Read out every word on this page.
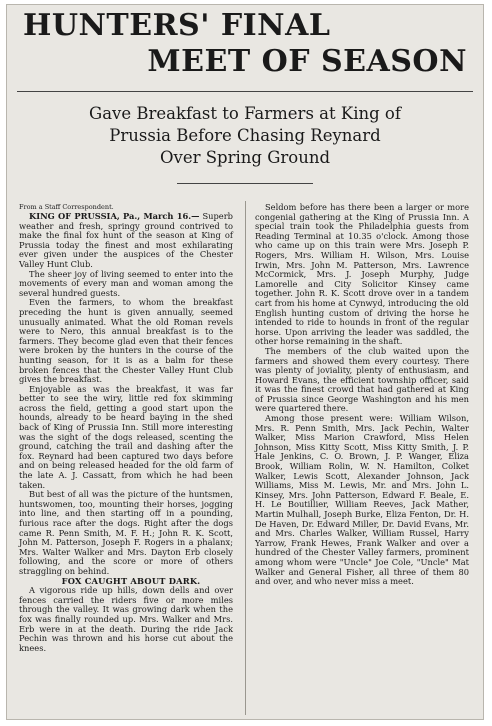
HUNTERS' FINAL
MEET OF SEASON
Gave Breakfast to Farmers at King of
Prussia Before Chasing Reynard
Over Spring Ground
From a Staff Correspondent.

KING OF PRUSSIA, Pa., March 16.— Superb weather and fresh, springy ground contrived to make the final fox hunt of the season at King of Prussia today the finest and most exhilarating ever given under the auspices of the Chester Valley Hunt Club.

The sheer joy of living seemed to enter into the movements of every man and woman among the several hundred guests.

Even the farmers, to whom the breakfast preceding the hunt is given annually, seemed unusually animated. What the old Roman revels were to Nero, this annual breakfast is to the farmers. They become glad even that their fences were broken by the hunters in the course of the hunting season, for it is as a balm for these broken fences that the Chester Valley Hunt Club gives the breakfast.

Enjoyable as was the breakfast, it was far better to see the wiry, little red fox skimming across the field, getting a good start upon the hounds, already to be heard baying in the shed back of King of Prussia Inn. Still more interesting was the sight of the dogs released, scenting the ground, catching the trail and dashing after the fox. Reynard had been captured two days before and on being released headed for the old farm of the late A. J. Cassatt, from which he had been taken.

But best of all was the picture of the huntsmen, huntswomen, too, mounting their horses, jogging into line, and then starting off in a pounding, furious race after the dogs. Right after the dogs came R. Penn Smith, M. F. H.; John R. K. Scott, John M. Patterson, Joseph F. Rogers in a phalanx; Mrs. Walter Walker and Mrs. Dayton Erb closely following, and the score or more of others straggling on behind.

FOX CAUGHT ABOUT DARK.

A vigorous ride up hills, down dells and over fences carried the riders five or more miles through the valley. It was growing dark when the fox was finally rounded up. Mrs. Walker and Mrs. Erb were in at the death. During the ride Jack Pechin was thrown and his horse cut about the knees.

Seldom before has there been a larger or more congenial gathering at the King of Prussia Inn. A special train took the Philadelphia guests from Reading Terminal at 10.35 o'clock. Among those who came up on this train were Mrs. Joseph P. Rogers, Mrs. William H. Wilson, Mrs. Louise Irwin, Mrs. John M. Patterson, Mrs. Lawrence McCormick, Mrs. J. Joseph Murphy, Judge Lamorelle and City Solicitor Kinsey came together. John R. K. Scott drove over in a tandem cart from his home at Cynwyd, introducing the old English hunting custom of driving the horse he intended to ride to hounds in front of the regular horse. Upon arriving the leader was saddled, the other horse remaining in the shaft.

The members of the club waited upon the farmers and showed them every courtesy. There was plenty of joviality, plenty of enthusiasm, and Howard Evans, the efficient township officer, said it was the finest crowd that had gathered at King of Prussia since George Washington and his men were quartered there.

Among those present were: William Wilson, Mrs. R. Penn Smith, Mrs. Jack Pechin, Walter Walker, Miss Marion Crawford, Miss Helen Johnson, Miss Kitty Scott, Miss Kitty Smith, J. P. Hale Jenkins, C. O. Brown, J. P. Wanger, Eliza Brook, William Rolin, W. N. Hamilton, Colket Walker, Lewis Scott, Alexander Johnson, Jack Williams, Miss M. Lewis, Mr. and Mrs. John L. Kinsey, Mrs. John Patterson, Edward F. Beale, E. H. Le Boutillier, William Reeves, Jack Mather, Martin Mulhall, Joseph Burke, Eliza Fenton, Dr. H. De Haven, Dr. Edward Miller, Dr. David Evans, Mr. and Mrs. Charles Walker, William Russel, Harry Yarrow, Frank Hewes, Frank Walker and over a hundred of the Chester Valley farmers, prominent among whom were "Uncle" Joe Cole, "Uncle" Mat Walker and General Fisher, all three of them 80 and over, and who never miss a meet.
